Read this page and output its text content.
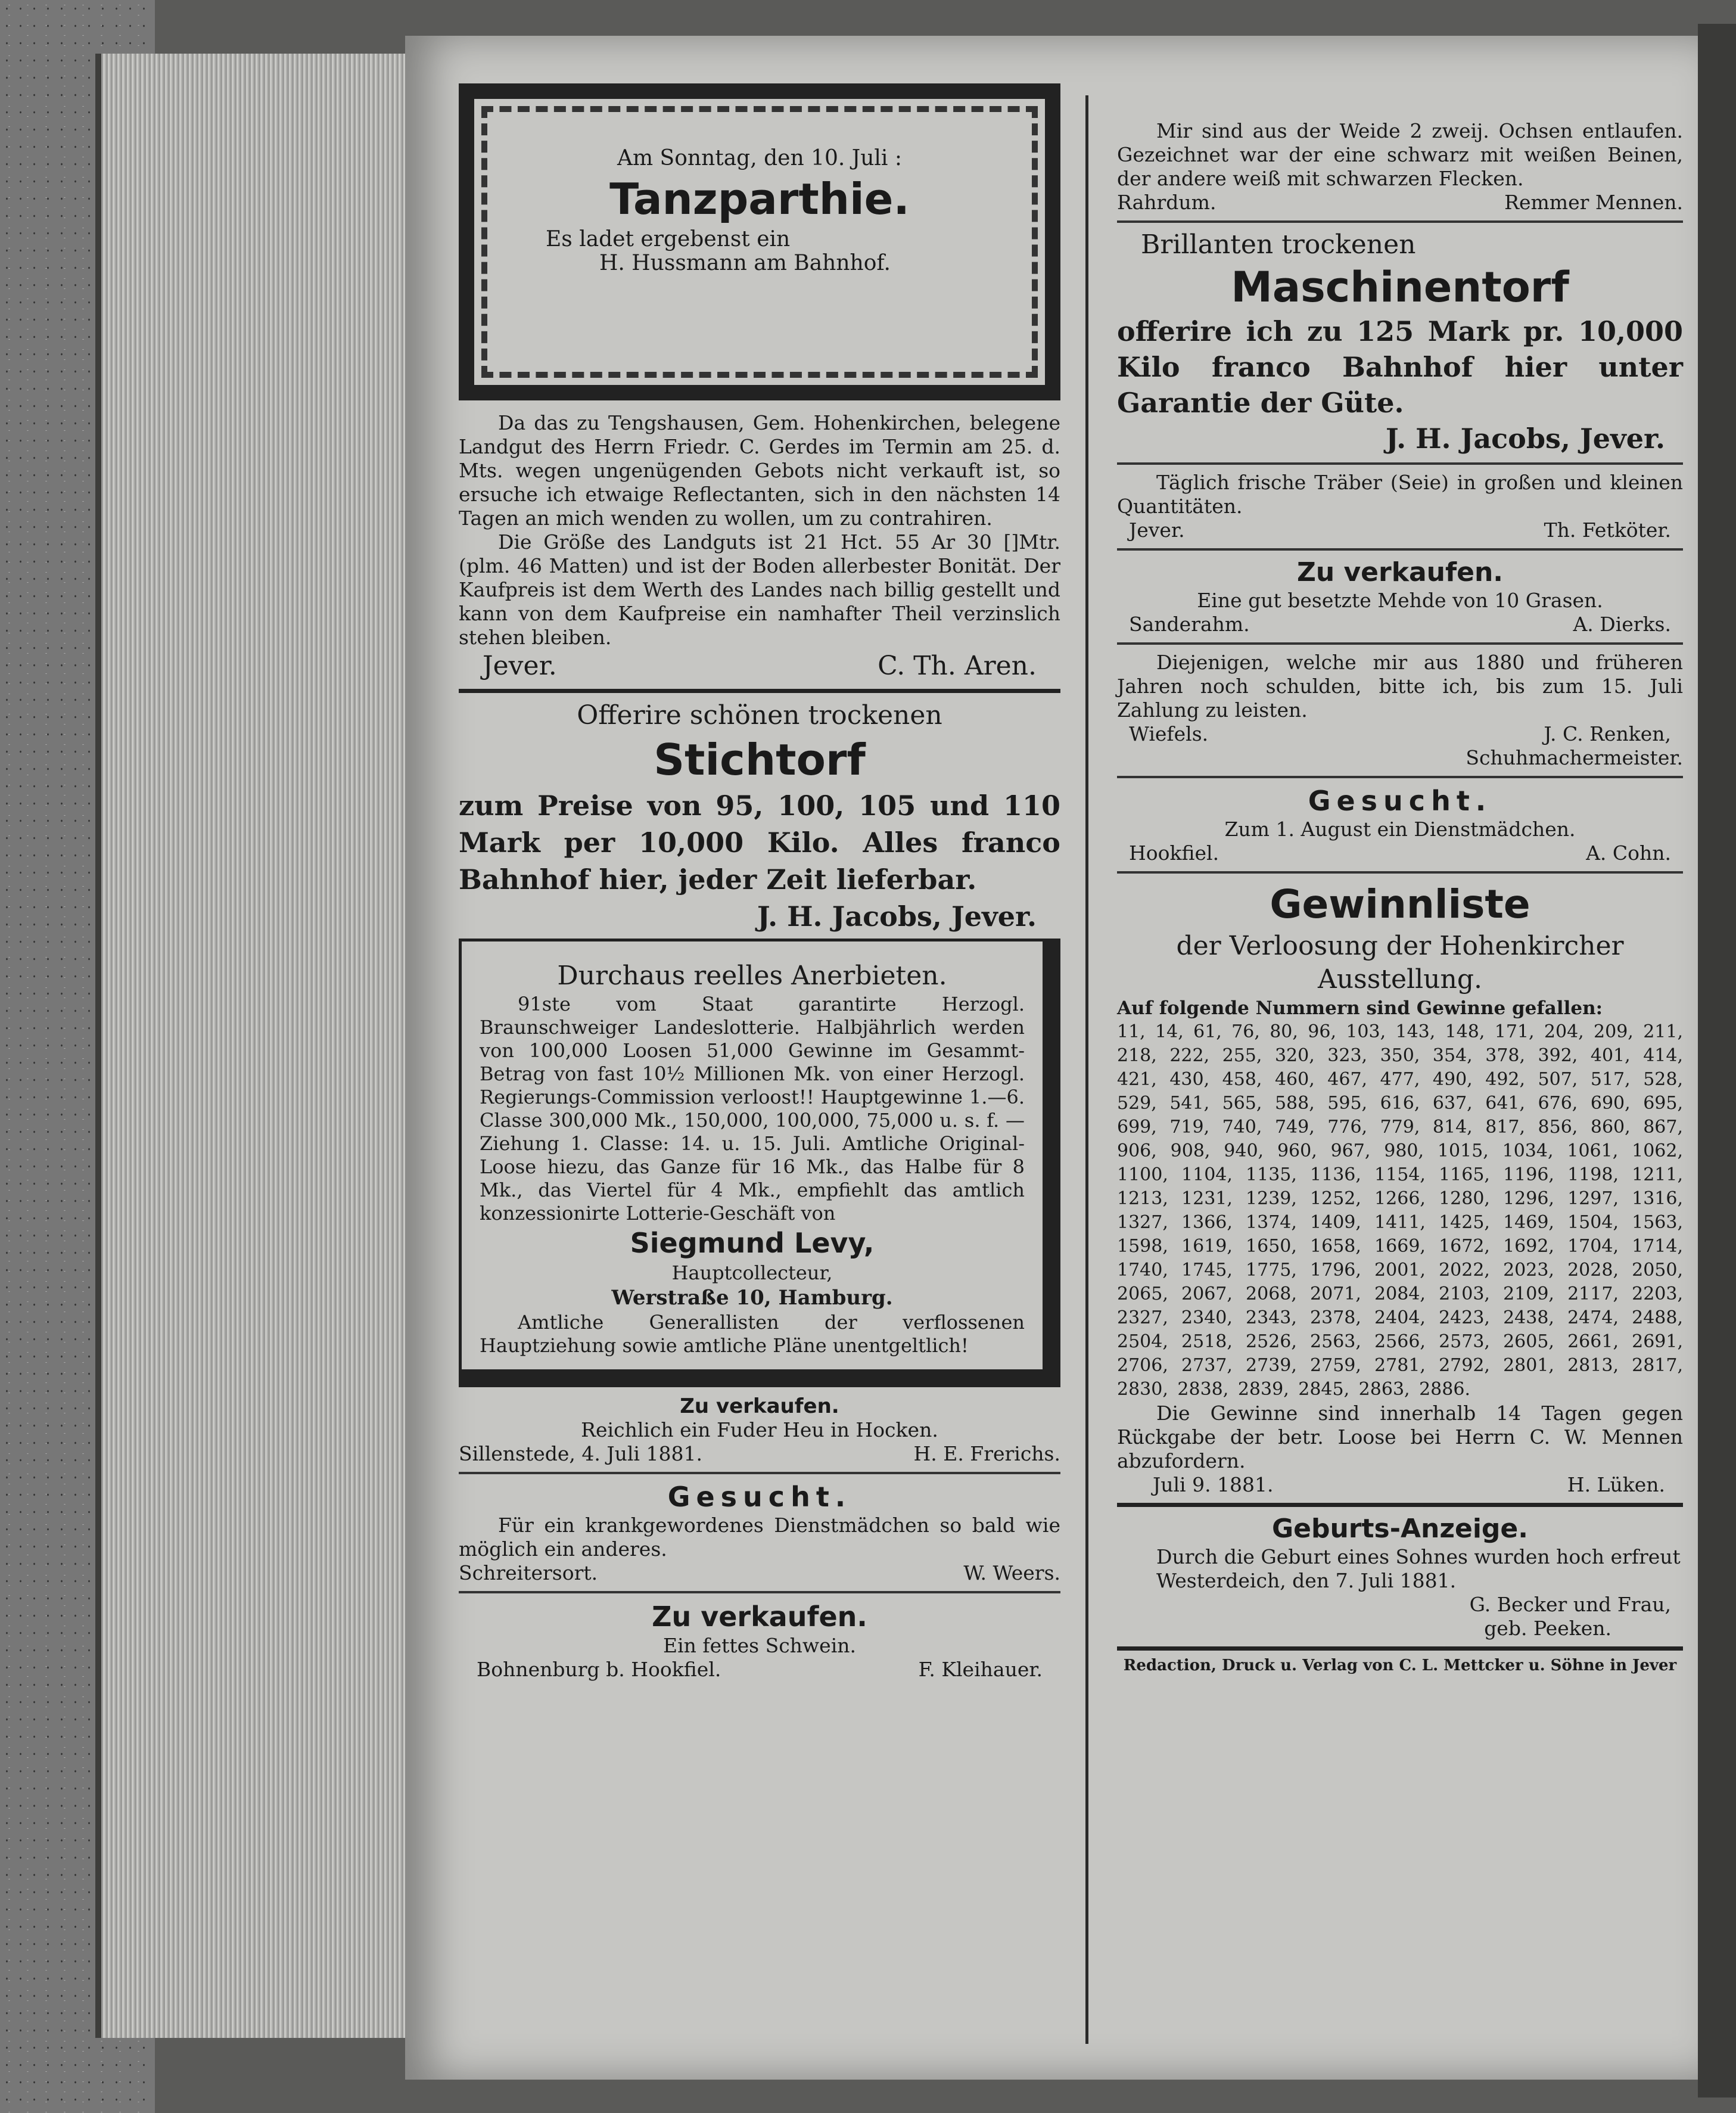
Am Sonntag, den 10. Juli :

Tanzparthie.

Es ladet ergebenst ein

H. Hussmann am Bahnhof.

Da das zu Tengshausen, Gem. Hohenkirchen, belegene Landgut des Herrn Friedr. C. Gerdes im Termin am 25. d. Mts. wegen ungenügenden Gebots nicht verkauft ist, so ersuche ich etwaige Reflectanten, sich in den nächsten 14 Tagen an mich wenden zu wollen, um zu contrahiren.

Die Größe des Landguts ist 21 Hct. 55 Ar 30 []Mtr. (plm. 46 Matten) und ist der Boden allerbester Bonität. Der Kaufpreis ist dem Werth des Landes nach billig gestellt und kann von dem Kaufpreise ein namhafter Theil verzinslich stehen bleiben.

Jever.	C. Th. Aren.

Offerire schönen trockenen

Stichtorf

zum Preise von 95, 100, 105 und 110 Mark per 10,000 Kilo. Alles franco Bahnhof hier, jeder Zeit lieferbar.

J. H. Jacobs, Jever.

Durchaus reelles Anerbieten.

91ste vom Staat garantirte Herzogl. Braunschweiger Landeslotterie. Halbjährlich werden von 100,000 Loosen 51,000 Gewinne im Gesammt-Betrag von fast 10½ Millionen Mk. von einer Herzogl. Regierungs-Commission verloost!! Hauptgewinne 1.—6. Classe 300,000 Mk., 150,000, 100,000, 75,000 u. s. f. — Ziehung 1. Classe: 14. u. 15. Juli. Amtliche Original-Loose hiezu, das Ganze für 16 Mk., das Halbe für 8 Mk., das Viertel für 4 Mk., empfiehlt das amtlich konzessionirte Lotterie-Geschäft von

Siegmund Levy,

Hauptcollecteur,

Werstraße 10, Hamburg.

Amtliche Generallisten der verflossenen Hauptziehung sowie amtliche Pläne unentgeltlich!

Zu verkaufen.

Reichlich ein Fuder Heu in Hocken.

Sillenstede, 4. Juli 1881.	H. E. Frerichs.

Gesucht.

Für ein krankgewordenes Dienstmädchen so bald wie möglich ein anderes.

Schreitersort.	W. Weers.

Zu verkaufen.

Ein fettes Schwein.

Bohnenburg b. Hookfiel.	F. Kleihauer.

Mir sind aus der Weide 2 zweij. Ochsen entlaufen. Gezeichnet war der eine schwarz mit weißen Beinen, der andere weiß mit schwarzen Flecken.

Rahrdum.	Remmer Mennen.

Brillanten trockenen

Maschinentorf

offerire ich zu 125 Mark pr. 10,000 Kilo franco Bahnhof hier unter Garantie der Güte.

J. H. Jacobs, Jever.

Täglich frische Träber (Seie) in großen und kleinen Quantitäten.

Jever.	Th. Fetköter.

Zu verkaufen.

Eine gut besetzte Mehde von 10 Grasen.

Sanderahm.	A. Dierks.

Diejenigen, welche mir aus 1880 und früheren Jahren noch schulden, bitte ich, bis zum 15. Juli Zahlung zu leisten.

Wiefels.	J. C. Renken,

Schuhmachermeister.

Gesucht.

Zum 1. August ein Dienstmädchen.

Hookfiel.	A. Cohn.

Gewinnliste

der Verloosung der Hohenkircher Ausstellung.

Auf folgende Nummern sind Gewinne gefallen:

11, 14, 61, 76, 80, 96, 103, 143, 148, 171, 204, 209, 211, 218, 222, 255, 320, 323, 350, 354, 378, 392, 401, 414, 421, 430, 458, 460, 467, 477, 490, 492, 507, 517, 528, 529, 541, 565, 588, 595, 616, 637, 641, 676, 690, 695, 699, 719, 740, 749, 776, 779, 814, 817, 856, 860, 867, 906, 908, 940, 960, 967, 980, 1015, 1034, 1061, 1062, 1100, 1104, 1135, 1136, 1154, 1165, 1196, 1198, 1211, 1213, 1231, 1239, 1252, 1266, 1280, 1296, 1297, 1316, 1327, 1366, 1374, 1409, 1411, 1425, 1469, 1504, 1563, 1598, 1619, 1650, 1658, 1669, 1672, 1692, 1704, 1714, 1740, 1745, 1775, 1796, 2001, 2022, 2023, 2028, 2050, 2065, 2067, 2068, 2071, 2084, 2103, 2109, 2117, 2203, 2327, 2340, 2343, 2378, 2404, 2423, 2438, 2474, 2488, 2504, 2518, 2526, 2563, 2566, 2573, 2605, 2661, 2691, 2706, 2737, 2739, 2759, 2781, 2792, 2801, 2813, 2817, 2830, 2838, 2839, 2845, 2863, 2886.

Die Gewinne sind innerhalb 14 Tagen gegen Rückgabe der betr. Loose bei Herrn C. W. Mennen abzufordern.

Juli 9. 1881.	H. Lüken.

Geburts-Anzeige.

Durch die Geburt eines Sohnes wurden hoch erfreut

Westerdeich, den 7. Juli 1881.

G. Becker und Frau,

geb. Peeken.

Redaction, Druck u. Verlag von C. L. Mettcker u. Söhne in Jever
